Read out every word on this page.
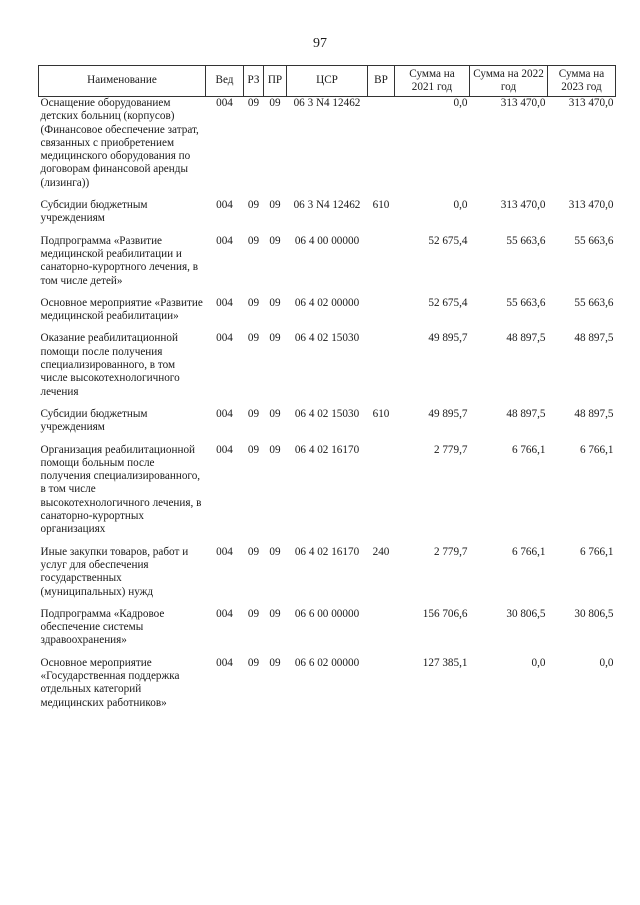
97
Наименование	Вед	РЗ	ПР	ЦСР	ВР	Сумма на 2021 год	Сумма на 2022 год	Сумма на 2023 год
Оснащение оборудованием детских больниц (корпусов) (Финансовое обеспечение затрат, связанных с приобретением медицинского оборудования по договорам финансовой аренды (лизинга))	004	09	09	06 3 N4 12462		0,0	313 470,0	313 470,0
Субсидии бюджетным учреждениям	004	09	09	06 3 N4 12462	610	0,0	313 470,0	313 470,0
Подпрограмма «Развитие медицинской реабилитации и санаторно-курортного лечения, в том числе детей»	004	09	09	06 4 00 00000		52 675,4	55 663,6	55 663,6
Основное мероприятие «Развитие медицинской реабилитации»	004	09	09	06 4 02 00000		52 675,4	55 663,6	55 663,6
Оказание реабилитационной помощи после получения специализированного, в том числе высокотехнологичного лечения	004	09	09	06 4 02 15030		49 895,7	48 897,5	48 897,5
Субсидии бюджетным учреждениям	004	09	09	06 4 02 15030	610	49 895,7	48 897,5	48 897,5
Организация реабилитационной помощи больным после получения специализированного, в том числе высокотехнологичного лечения, в санаторно-курортных организациях	004	09	09	06 4 02 16170		2 779,7	6 766,1	6 766,1
Иные закупки товаров, работ и услуг для обеспечения государственных (муниципальных) нужд	004	09	09	06 4 02 16170	240	2 779,7	6 766,1	6 766,1
Подпрограмма «Кадровое обеспечение системы здравоохранения»	004	09	09	06 6 00 00000		156 706,6	30 806,5	30 806,5
Основное мероприятие «Государственная поддержка отдельных категорий медицинских работников»	004	09	09	06 6 02 00000		127 385,1	0,0	0,0
